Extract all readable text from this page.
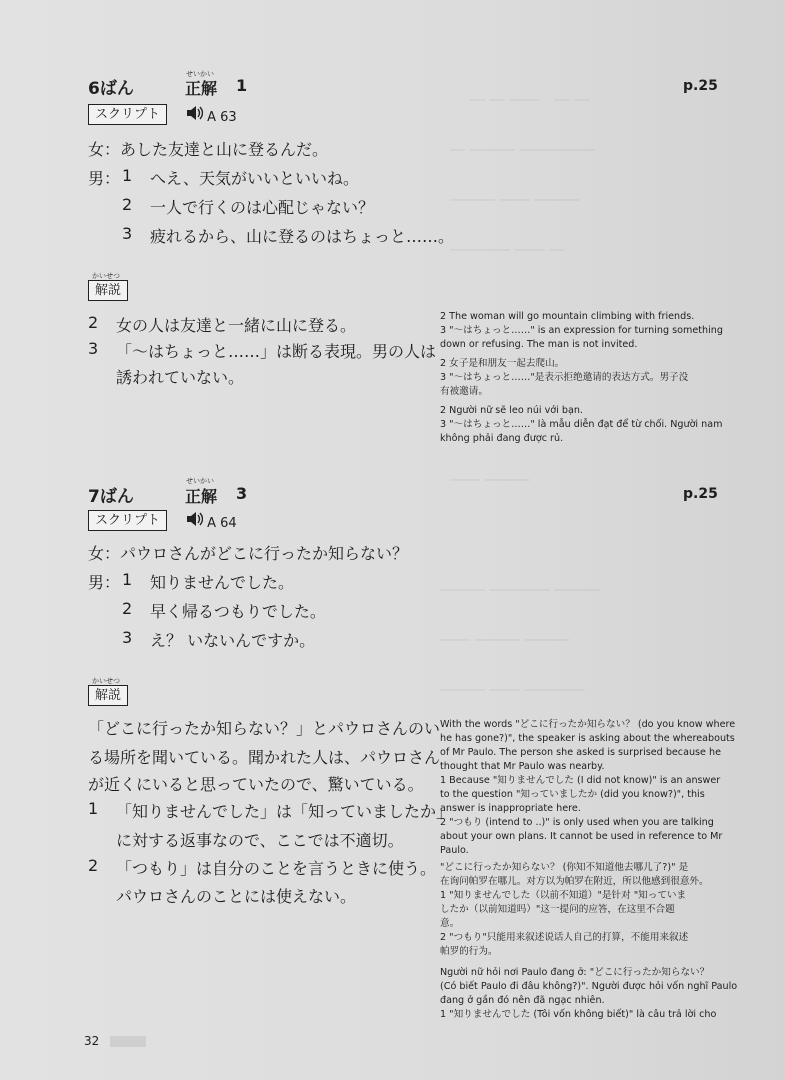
― ― ――　― ―
― ――― ―――――
――― ―― ―――
―――― ―― ―
―― ―――
――― ―――― ―――
―― ――― ―――
――― ―― ――――
6ばん
せいかい
正解 1	p.25
スクリプト	A 63
女：あした友達と山に登るんだ。
男： 1 へえ、天気がいいといいね。
2 一人で行くのは心配じゃない？
3 疲れるから、山に登るのはちょっと……。
かいせつ
解説
2 女の人は友達と一緒に山に登る。
3 「～はちょっと……」は断る表現。男の人は
誘われていない。
2 The woman will go mountain climbing with friends.
3 "～はちょっと……" is an expression for turning something
down or refusing. The man is not invited.
2 女子是和朋友一起去爬山。
3 "～はちょっと……"是表示拒绝邀请的表达方式。男子没
有被邀请。
2 Người nữ sẽ leo núi với bạn.
3 "～はちょっと……" là mẫu diễn đạt để từ chối. Người nam
không phải đang được rủ.
7ばん
せいかい
正解 3	p.25
スクリプト	A 64
女：パウロさんがどこに行ったか知らない？
男： 1 知りませんでした。
2 早く帰るつもりでした。
3 え？ いないんですか。
かいせつ
解説
「どこに行ったか知らない？」とパウロさんのい
る場所を聞いている。聞かれた人は、パウロさん
が近くにいると思っていたので、驚いている。
1 「知りませんでした」は「知っていましたか」
に対する返事なので、ここでは不適切。
2 「つもり」は自分のことを言うときに使う。
パウロさんのことには使えない。
With the words "どこに行ったか知らない？ (do you know where
he has gone?)", the speaker is asking about the whereabouts
of Mr Paulo. The person she asked is surprised because he
thought that Mr Paulo was nearby.
1 Because "知りませんでした (I did not know)" is an answer
to the question "知っていましたか (did you know?)", this
answer is inappropriate here.
2 "つもり (intend to ..)" is only used when you are talking
about your own plans. It cannot be used in reference to Mr
Paulo.
"どこに行ったか知らない？ (你知不知道他去哪儿了?)" 是
在询问帕罗在哪儿。对方以为帕罗在附近，所以他感到很意外。
1 "知りませんでした（以前不知道）"是针对 "知っていま
したか（以前知道吗）"这一提问的应答，在这里不合题
意。
2 "つもり"只能用来叙述说话人自己的打算，不能用来叙述
帕罗的行为。
Người nữ hỏi nơi Paulo đang ở: "どこに行ったか知らない？
(Có biết Paulo đi đâu không?)". Người được hỏi vốn nghĩ Paulo
đang ở gần đó nên đã ngạc nhiên.
1 "知りませんでした (Tôi vốn không biết)" là câu trả lời cho
32
